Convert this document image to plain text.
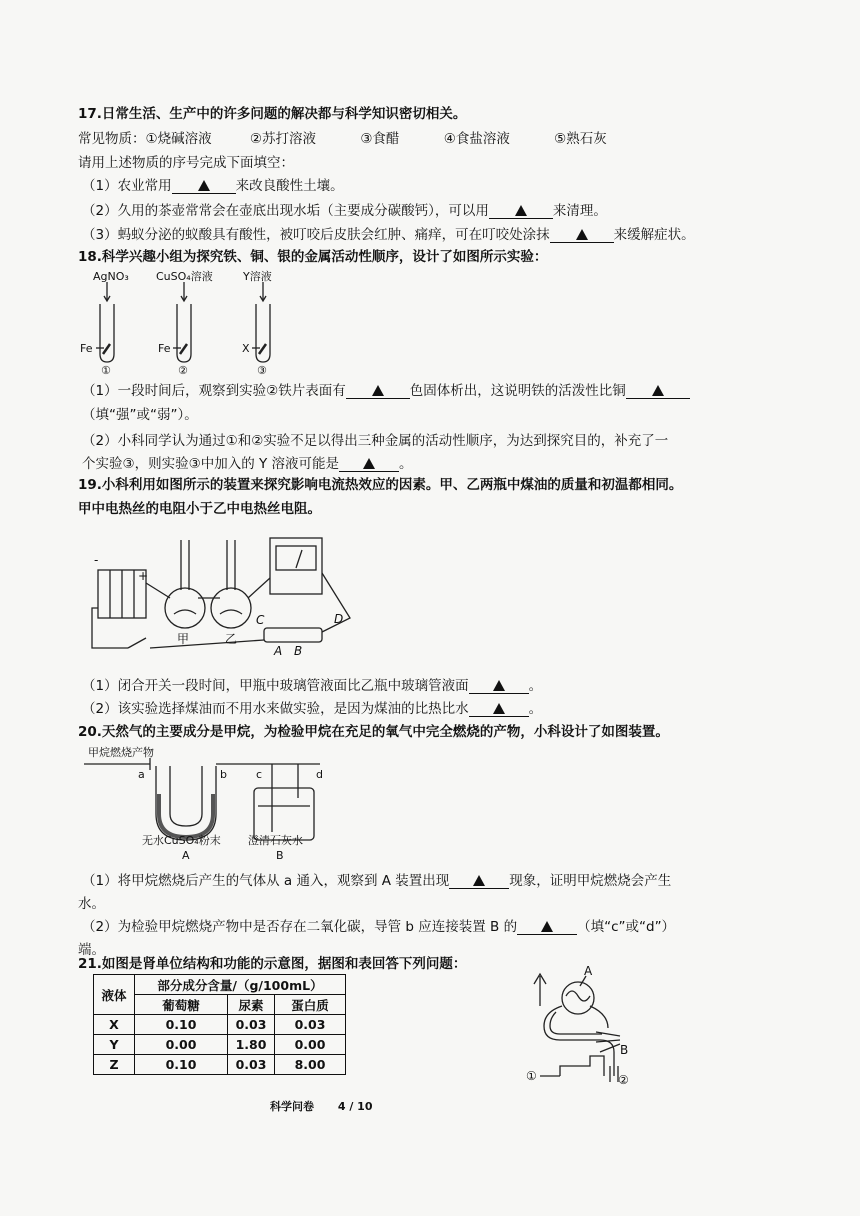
17.日常生活、生产中的许多问题的解决都与科学知识密切相关。
常见物质：①烧碱溶液	②苏打溶液	③食醋	④食盐溶液	⑤熟石灰
请用上述物质的序号完成下面填空：
（1）农业常用	来改良酸性土壤。
（2）久用的茶壶常常会在壶底出现水垢（主要成分碳酸钙），可以用	来清理。
（3）蚂蚁分泌的蚁酸具有酸性，被叮咬后皮肤会红肿、痛痒，可在叮咬处涂抹	来缓解症状。
18.科学兴趣小组为探究铁、铜、银的金属活动性顺序，设计了如图所示实验：
AgNO₃ CuSO₄溶液	Y溶液
Fe	Fe	X
①	②	③
（1）一段时间后，观察到实验②铁片表面有	色固体析出，这说明铁的活泼性比铜
（填“强”或“弱”）。
（2）小科同学认为通过①和②实验不足以得出三种金属的活动性顺序，为达到探究目的，补充了一
个实验③，则实验③中加入的 Y 溶液可能是	。
19.小科利用如图所示的装置来探究影响电流热效应的因素。甲、乙两瓶中煤油的质量和初温都相同。
甲中电热丝的电阻小于乙中电热丝电阻。
-
+
甲	乙
C	D
A B
（1）闭合开关一段时间，甲瓶中玻璃管液面比乙瓶中玻璃管液面	。
（2）该实验选择煤油而不用水来做实验，是因为煤油的比热比水	。
20.天然气的主要成分是甲烷，为检验甲烷在充足的氧气中完全燃烧的产物，小科设计了如图装置。
甲烷燃烧产物
a	b	c	d
无水CuSO₄粉末
A
澄清石灰水
B
（1）将甲烷燃烧后产生的气体从 a 通入，观察到 A 装置出现	现象，证明甲烷燃烧会产生
水。
（2）为检验甲烷燃烧产物中是否存在二氧化碳，导管 b 应连接装置 B 的	（填“c”或“d”）
端。
21.如图是肾单位结构和功能的示意图，据图和表回答下列问题：
液体	部分成分含量/（g/100mL）		
	葡萄糖	尿素	蛋白质
X	0.10	0.03	0.03
Y	0.00	1.80	0.00
Z	0.10	0.03	8.00
A
B
①	②
科学问卷 4 / 10
